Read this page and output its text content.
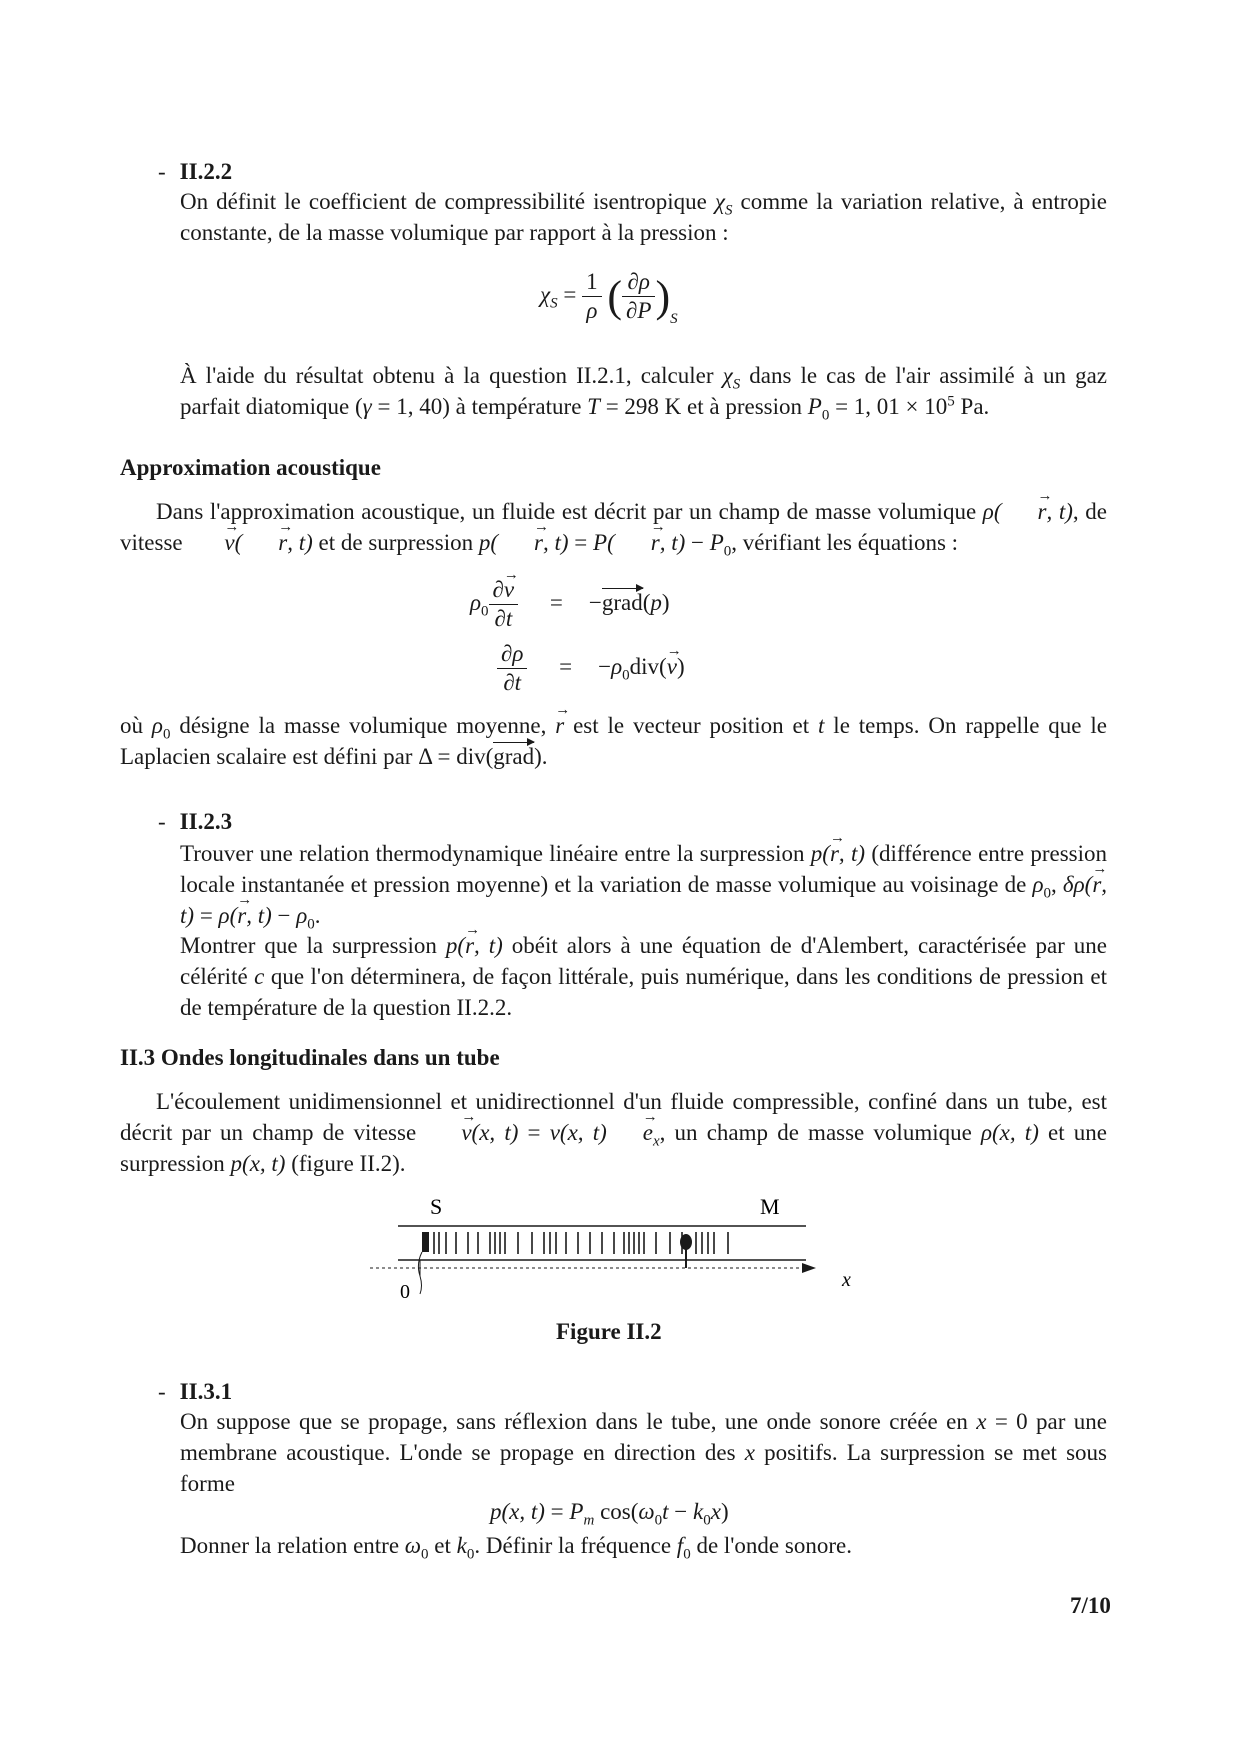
- II.2.2
On définit le coefficient de compressibilité isentropique $\chi_S$ comme la variation relative, à entropie constante, de la masse volumique par rapport à la pression :
$\chi_S = \frac{1}{\rho}$ ( $\frac{\partial\rho}{\partial P} )_S$
À l'aide du résultat obtenu à la question II.2.1, calculer $\chi_S$ dans le cas de l'air assimilé à un gaz parfait diatomique (γ = 1, 40) à température T = 298 K et à pression $P_0 = 1$, $01 \times 10^5$ Pa.
Approximation acoustique
Dans l'approximation acoustique, un fluide est décrit par un champ de masse volumique ρ( → r, t), de vitesse → v( → r, t) et de surpression p( → r, t) = P( → r, $t) - P_0$, vérifiant les équations :
$\rho_0 \frac{\partial\to v}{\partial t}$ = −grad(p)
$\frac{\partial\rho}{\partial t} = -\rho_0div(\to v)$
où $\rho_0$ désigne la masse volumique moyenne, → r est le vecteur position et t le temps. On rappelle que le Laplacien scalaire est défini par Δ = div(grad).
- II.2.3
Trouver une relation thermodynamique linéaire entre la surpression p(→ r, t) (différence entre pression locale instantanée et pression moyenne) et la variation de masse volumique au voisinage de $\rho_0$, δρ(→ r, t) = ρ(→ r, $t) - \rho_0$.
Montrer que la surpression p(→ r, t) obéit alors à une équation de d'Alembert, caractérisée par une célérité c que l'on déterminera, de façon littérale, puis numérique, dans les conditions de pression et de température de la question II.2.2.
II.3 Ondes longitudinales dans un tube
L'écoulement unidimensionnel et unidirectionnel d'un fluide compressible, confiné dans un tube, est décrit par un champ de vitesse → v(x, t) = v(x, $t) \to e_x$, un champ de masse volumique ρ(x, t) et une surpression p(x, t) (figure II.2).
S	M
0
x
Figure II.2
- II.3.1
On suppose que se propage, sans réflexion dans le tube, une onde sonore créée en x = 0 par une membrane acoustique. L'onde se propage en direction des x positifs. La surpression se met sous forme
p(x, $t) = P_m$ $\cos(\omega_0t - k_0x)$
Donner la relation entre $\omega_0$ et $k_0$. Définir la fréquence $f_0$ de l'onde sonore.
7/10
